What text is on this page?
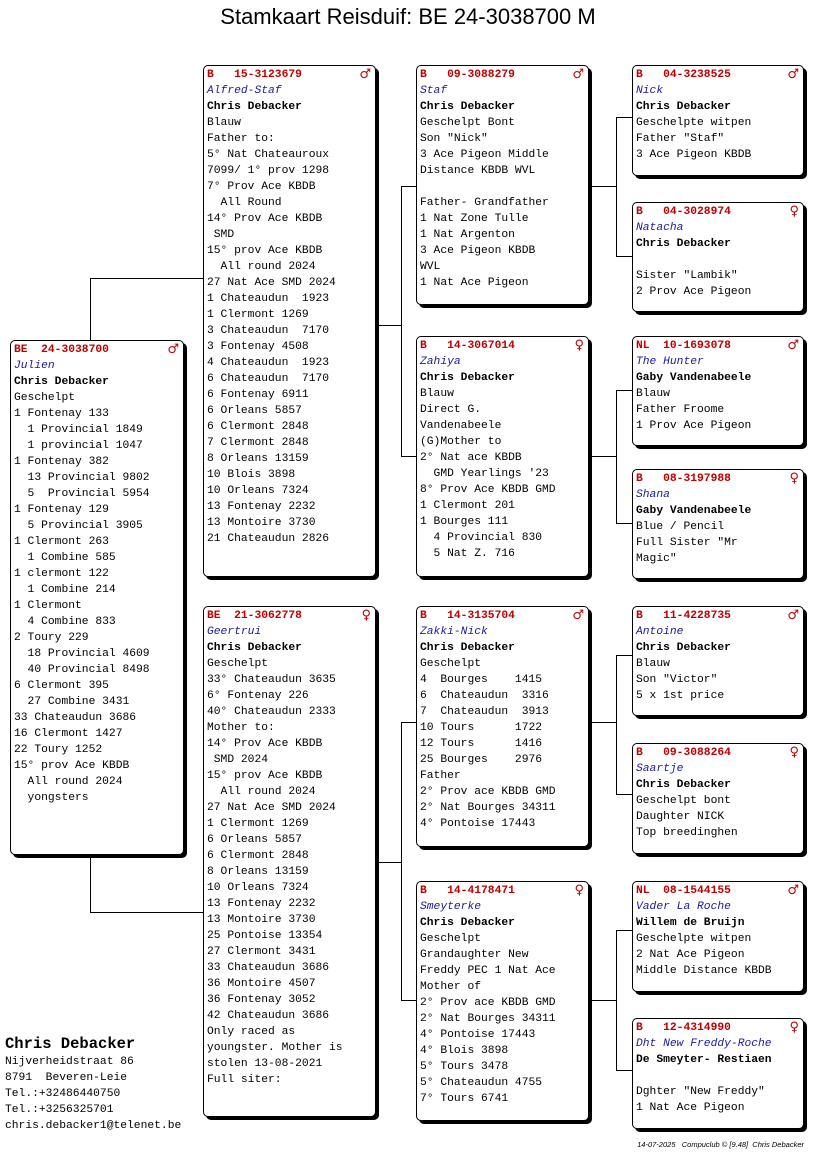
Stamkaart Reisduif: BE 24-3038700 M
BE  24-3038700	♂
Julien
Chris Debacker
Geschelpt
1 Fontenay 133
1 Provincial 1849
1 provincial 1047
1 Fontenay 382
13 Provincial 9802
5  Provincial 5954
1 Fontenay 129
5 Provincial 3905
1 Clermont 263
1 Combine 585
1 clermont 122
1 Combine 214
1 Clermont
4 Combine 833
2 Toury 229
18 Provincial 4609
40 Provincial 8498
6 Clermont 395
27 Combine 3431
33 Chateaudun 3686
16 Clermont 1427
22 Toury 1252
15° prov Ace KBDB
All round 2024
yongsters
B   15-3123679	♂
Alfred-Staf
Chris Debacker
Blauw
Father to:
5° Nat Chateauroux
7099/ 1° prov 1298
7° Prov Ace KBDB
All Round
14° Prov Ace KBDB
SMD
15° prov Ace KBDB
All round 2024
27 Nat Ace SMD 2024
1 Chateaudun  1923
1 Clermont 1269
3 Chateaudun  7170
3 Fontenay 4508
4 Chateaudun  1923
6 Chateaudun  7170
6 Fontenay 6911
6 Orleans 5857
6 Clermont 2848
7 Clermont 2848
8 Orleans 13159
10 Blois 3898
10 Orleans 7324
13 Fontenay 2232
13 Montoire 3730
21 Chateaudun 2826
BE  21-3062778	♀
Geertrui
Chris Debacker
Geschelpt
33° Chateaudun 3635
6° Fontenay 226
40° Chateaudun 2333
Mother to:
14° Prov Ace KBDB
SMD 2024
15° prov Ace KBDB
All round 2024
27 Nat Ace SMD 2024
1 Clermont 1269
6 Orleans 5857
6 Clermont 2848
8 Orleans 13159
10 Orleans 7324
13 Fontenay 2232
13 Montoire 3730
25 Pontoise 13354
27 Clermont 3431
33 Chateaudun 3686
36 Montoire 4507
36 Fontenay 3052
42 Chateaudun 3686
Only raced as
youngster. Mother is
stolen 13-08-2021
Full siter:
B   09-3088279	♂
Staf
Chris Debacker
Geschelpt Bont
Son "Nick"
3 Ace Pigeon Middle
Distance KBDB WVL
Father- Grandfather
1 Nat Zone Tulle
1 Nat Argenton
3 Ace Pigeon KBDB
WVL
1 Nat Ace Pigeon
B   14-3067014	♀
Zahiya
Chris Debacker
Blauw
Direct G.
Vandenabeele
(G)Mother to
2° Nat ace KBDB
GMD Yearlings '23
8° Prov Ace KBDB GMD
1 Clermont 201
1 Bourges 111
4 Provincial 830
5 Nat Z. 716
B   14-3135704	♂
Zakki-Nick
Chris Debacker
Geschelpt
4  Bourges    1415
6  Chateaudun  3316
7  Chateaudun  3913
10 Tours      1722
12 Tours      1416
25 Bourges    2976
Father
2° Prov ace KBDB GMD
2° Nat Bourges 34311
4° Pontoise 17443
B   14-4178471	♀
Smeyterke
Chris Debacker
Geschelpt
Grandaughter New
Freddy PEC 1 Nat Ace
Mother of
2° Prov ace KBDB GMD
2° Nat Bourges 34311
4° Pontoise 17443
4° Blois 3898
5° Tours 3478
5° Chateaudun 4755
7° Tours 6741
B   04-3238525	♂
Nick
Chris Debacker
Geschelpte witpen
Father "Staf"
3 Ace Pigeon KBDB
B   04-3028974	♀
Natacha
Chris Debacker
Sister "Lambik"
2 Prov Ace Pigeon
NL  10-1693078	♂
The Hunter
Gaby Vandenabeele
Blauw
Father Froome
1 Prov Ace Pigeon
B   08-3197988	♀
Shana
Gaby Vandenabeele
Blue / Pencil
Full Sister "Mr
Magic"
B   11-4228735	♂
Antoine
Chris Debacker
Blauw
Son "Victor"
5 x 1st price
B   09-3088264	♀
Saartje
Chris Debacker
Geschelpt bont
Daughter NICK
Top breedinghen
NL  08-1544155	♂
Vader La Roche
Willem de Bruijn
Geschelpte witpen
2 Nat Ace Pigeon
Middle Distance KBDB
B   12-4314990	♀
Dht New Freddy-Roche
De Smeyter- Restiaen
Dghter "New Freddy"
1 Nat Ace Pigeon
Chris Debacker
Nijverheidstraat 86
8791  Beveren-Leie
Tel.:+32486440750
Tel.:+3256325701
chris.debacker1@telenet.be
14-07-2025   Compuclub © [9.48]  Chris Debacker
